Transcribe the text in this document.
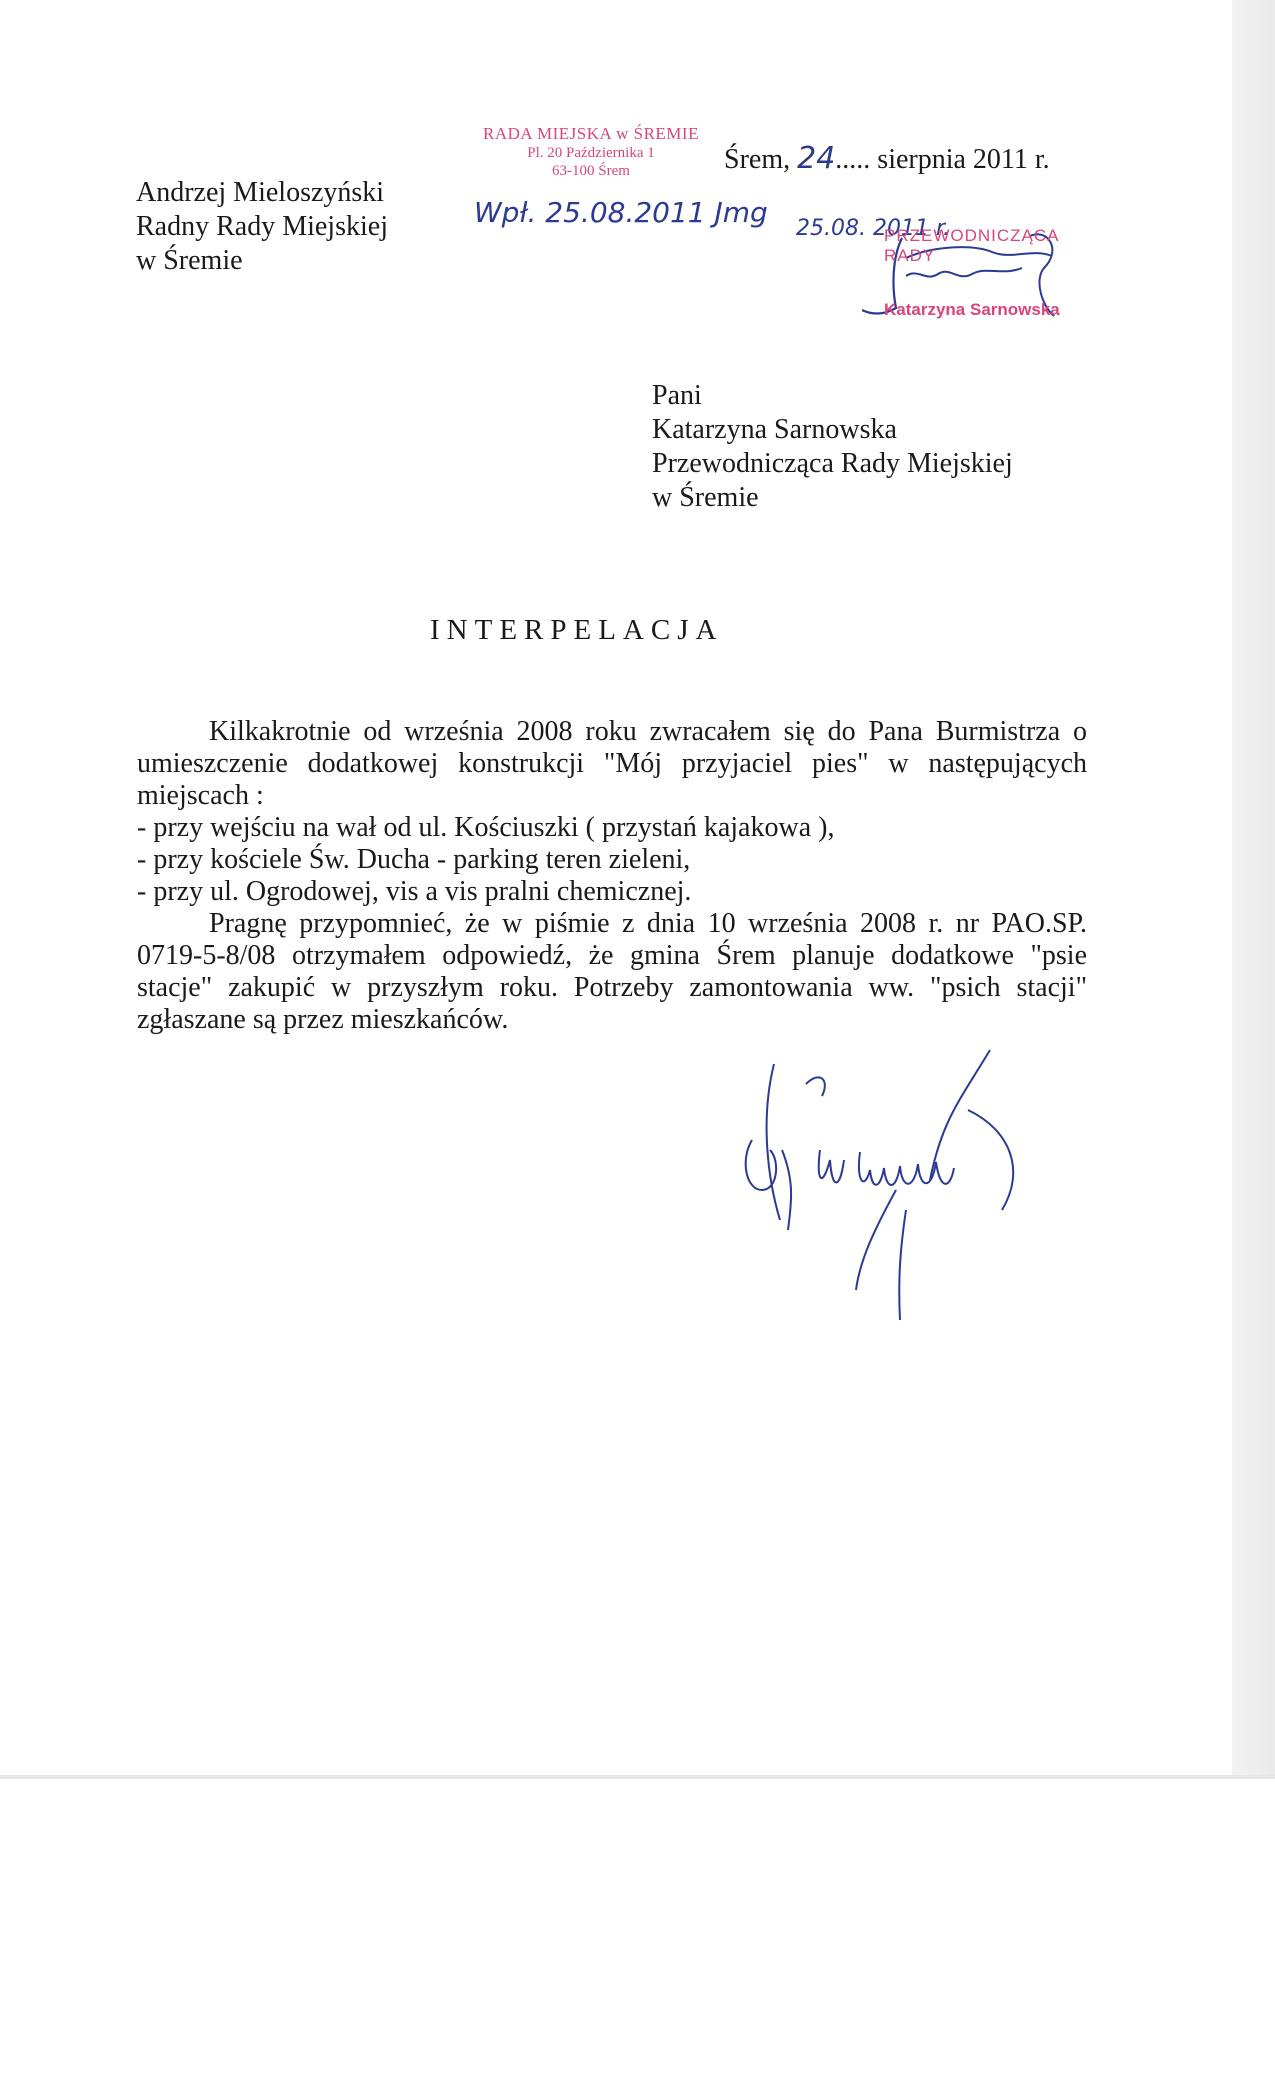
Andrzej Mieloszyński
Radny Rady Miejskiej
w Śremie
RADA MIEJSKA w ŚREMIE
Pl. 20 Października 1
63-100 Śrem	Śrem, 24..... sierpnia 2011 r.
Wpł. 25.08.2011 Jmg 25.08. 2011 r.
PRZEWODNICZĄCA RADY
Katarzyna Sarnowska
Pani
Katarzyna Sarnowska
Przewodnicząca Rady Miejskiej
w Śremie
INTERPELACJA

Kilkakrotnie od września 2008 roku zwracałem się do Pana Burmistrza o umieszczenie dodatkowej konstrukcji "Mój przyjaciel pies" w następujących miejscach :

- przy wejściu na wał od ul. Kościuszki ( przystań kajakowa ),
- przy kościele Św. Ducha - parking teren zieleni,
- przy ul. Ogrodowej, vis a vis pralni chemicznej.

Pragnę przypomnieć, że w piśmie z dnia 10 września 2008 r. nr PAO.SP. 0719-5-8/08 otrzymałem odpowiedź, że gmina Śrem planuje dodatkowe "psie stacje" zakupić w przyszłym roku. Potrzeby zamontowania ww. "psich stacji" zgłaszane są przez mieszkańców.
